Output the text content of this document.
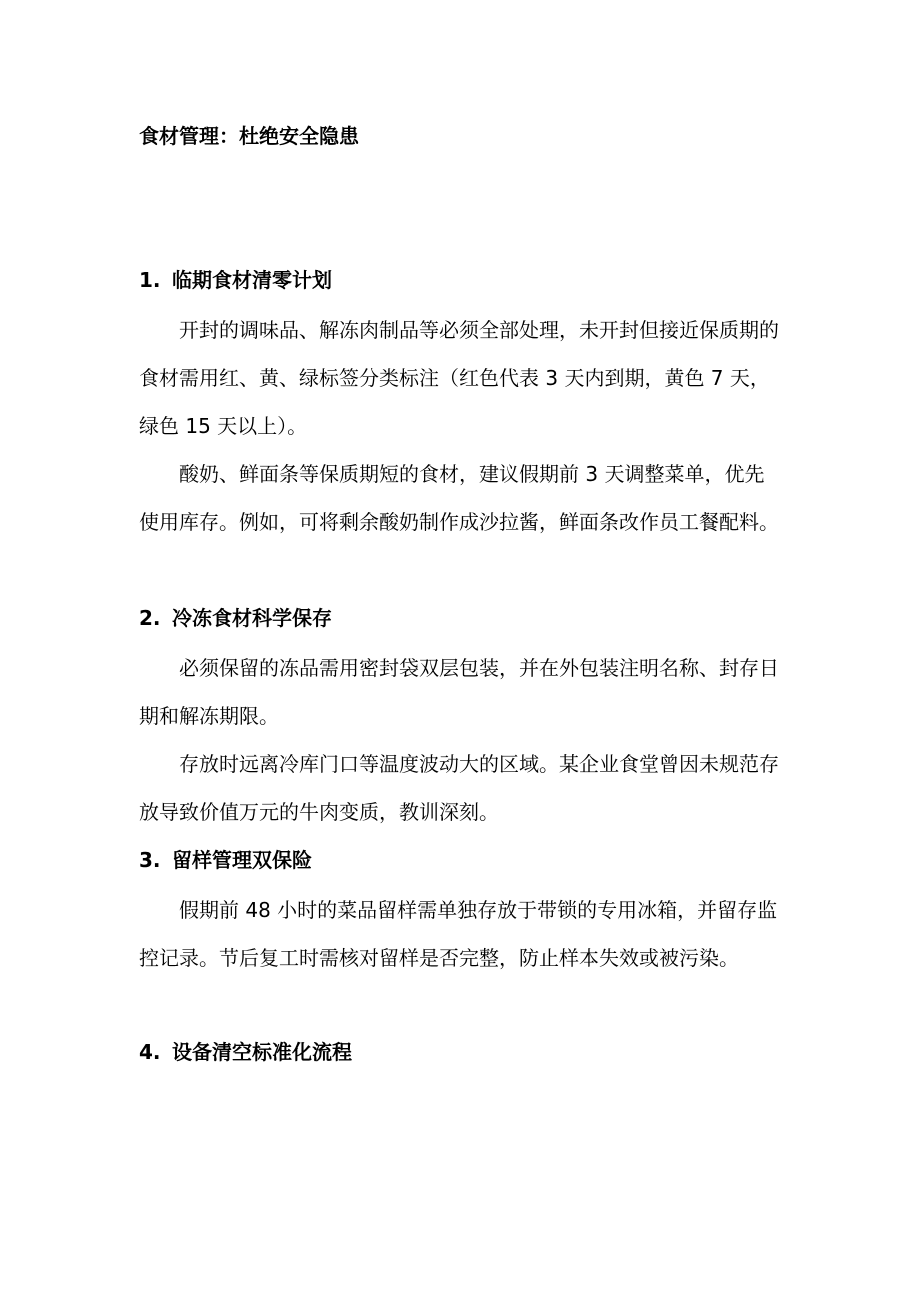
食材管理：杜绝安全隐患
1. 临期食材清零计划

开封的调味品、解冻肉制品等必须全部处理，未开封但接近保质期的食材需用红、黄、绿标签分类标注（红色代表 3 天内到期，黄色 7 天，绿色 15 天以上）。

酸奶、鲜面条等保质期短的食材，建议假期前 3 天调整菜单，优先使用库存。例如，可将剩余酸奶制作成沙拉酱，鲜面条改作员工餐配料。

2. 冷冻食材科学保存

必须保留的冻品需用密封袋双层包装，并在外包装注明名称、封存日期和解冻期限。

存放时远离冷库门口等温度波动大的区域。某企业食堂曾因未规范存放导致价值万元的牛肉变质，教训深刻。

3. 留样管理双保险

假期前 48 小时的菜品留样需单独存放于带锁的专用冰箱，并留存监控记录。节后复工时需核对留样是否完整，防止样本失效或被污染。

4. 设备清空标准化流程
